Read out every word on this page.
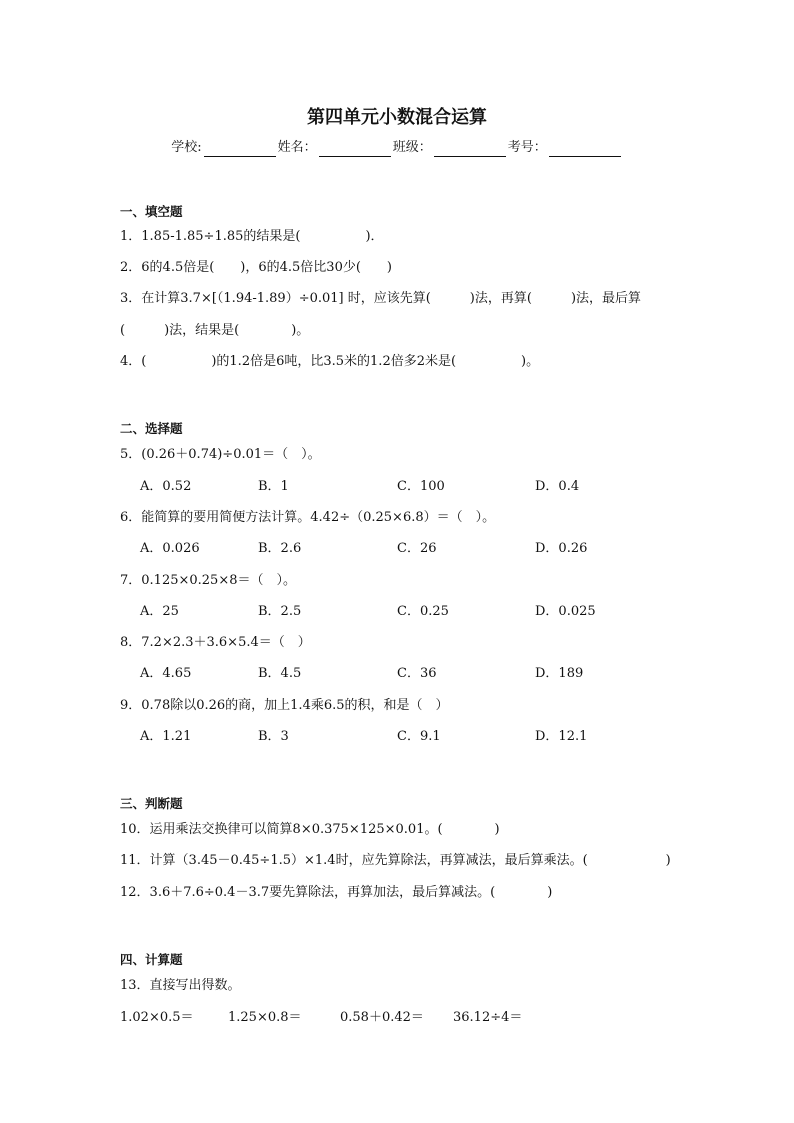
第四单元小数混合运算
学校:	姓名：	班级：	考号：
一、填空题
1．1.85-1.85÷1.85的结果是(　　　　　)．
2．6的4.5倍是(　　)，6的4.5倍比30少(　　)
3．在计算3.7×[（1.94-1.89）÷0.01] 时，应该先算(　　　)法，再算(　　　)法，最后算
(　　　)法，结果是(　　　　)。
4．(　　　　　)的1.2倍是6吨，比3.5米的1.2倍多2米是(　　　　　)。
二、选择题
5．(0.26＋0.74)÷0.01＝（　）。
A．0.52	B．1	C．100	D．0.4
6．能简算的要用简便方法计算。4.42÷（0.25×6.8）＝（　）。
A．0.026	B．2.6	C．26	D．0.26
7．0.125×0.25×8＝（　）。
A．25	B．2.5	C．0.25	D．0.025
8．7.2×2.3＋3.6×5.4＝（　）
A．4.65	B．4.5	C．36	D．189
9．0.78除以0.26的商，加上1.4乘6.5的积，和是（　）
A．1.21	B．3	C．9.1	D．12.1
三、判断题
10．运用乘法交换律可以简算8×0.375×125×0.01。(　　　　)
11．计算（3.45－0.45÷1.5）×1.4时，应先算除法，再算减法，最后算乘法。(　　　　　　)
12．3.6＋7.6÷0.4－3.7要先算除法，再算加法，最后算减法。(　　　　)
四、计算题
13．直接写出得数。
1.02×0.5＝	1.25×0.8＝	0.58＋0.42＝ 36.12÷4＝
